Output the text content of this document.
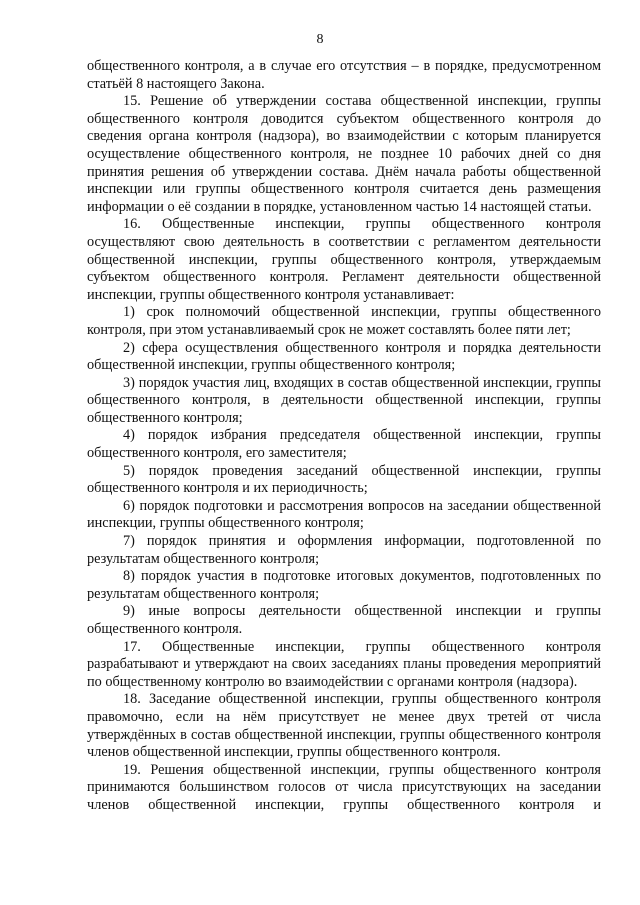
8

общественного контроля, а в случае его отсутствия – в порядке, предусмотренном статьёй 8 настоящего Закона.

15. Решение об утверждении состава общественной инспекции, группы общественного контроля доводится субъектом общественного контроля до сведения органа контроля (надзора), во взаимодействии с которым планируется осуществление общественного контроля, не позднее 10 рабочих дней со дня принятия решения об утверждении состава. Днём начала работы общественной инспекции или группы общественного контроля считается день размещения информации о её создании в порядке, установленном частью 14 настоящей статьи.

16. Общественные инспекции, группы общественного контроля осуществляют свою деятельность в соответствии с регламентом деятельности общественной инспекции, группы общественного контроля, утверждаемым субъектом общественного контроля. Регламент деятельности общественной инспекции, группы общественного контроля устанавливает:

1) срок полномочий общественной инспекции, группы общественного контроля, при этом устанавливаемый срок не может составлять более пяти лет;

2) сфера осуществления общественного контроля и порядка деятельности общественной инспекции, группы общественного контроля;

3) порядок участия лиц, входящих в состав общественной инспекции, группы общественного контроля, в деятельности общественной инспекции, группы общественного контроля;

4) порядок избрания председателя общественной инспекции, группы общественного контроля, его заместителя;

5) порядок проведения заседаний общественной инспекции, группы общественного контроля и их периодичность;

6) порядок подготовки и рассмотрения вопросов на заседании общественной инспекции, группы общественного контроля;

7) порядок принятия и оформления информации, подготовленной по результатам общественного контроля;

8) порядок участия в подготовке итоговых документов, подготовленных по результатам общественного контроля;

9) иные вопросы деятельности общественной инспекции и группы общественного контроля.

17. Общественные инспекции, группы общественного контроля разрабатывают и утверждают на своих заседаниях планы проведения мероприятий по общественному контролю во взаимодействии с органами контроля (надзора).

18. Заседание общественной инспекции, группы общественного контроля правомочно, если на нём присутствует не менее двух третей от числа утверждённых в состав общественной инспекции, группы общественного контроля членов общественной инспекции, группы общественного контроля.

19. Решения общественной инспекции, группы общественного контроля принимаются большинством голосов от числа присутствующих на заседании членов общественной инспекции, группы общественного контроля и
